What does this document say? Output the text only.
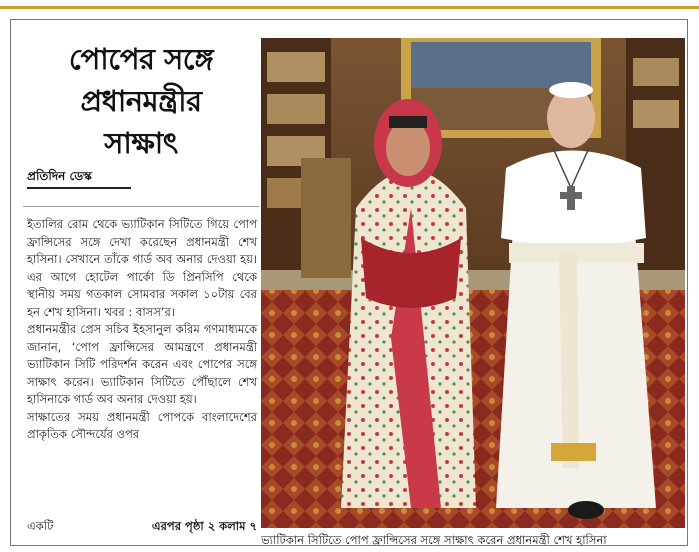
পোপের সঙ্গে
প্রধানমন্ত্রীর
সাক্ষাৎ
প্রতিদিন ডেস্ক

ইতালির রোম থেকে ভ্যাটিকান সিটিতে গিয়ে পোপ ফ্রান্সিসের সঙ্গে দেখা করেছেন প্রধানমন্ত্রী শেখ হাসিনা। সেখানে তাঁকে গার্ড অব অনার দেওয়া হয়। এর আগে হোটেল পার্কো ডি প্রিনসিপি থেকে স্থানীয় সময় গতকাল সোমবার সকাল ১০টায় বের হন শেখ হাসিনা। খবর : বাসস’র।

প্রধানমন্ত্রীর প্রেস সচিব ইহসানুল করিম গণমাধ্যমকে জানান, ‘পোপ ফ্রান্সিসের আমন্ত্রণে প্রধানমন্ত্রী ভ্যাটিকান সিটি পরিদর্শন করেন এবং পোপের সঙ্গে সাক্ষাৎ করেন। ভ্যাটিকান সিটিতে পৌঁছালে শেখ হাসিনাকে গার্ড অব অনার দেওয়া হয়।

সাক্ষাতের সময় প্রধানমন্ত্রী পোপকে বাংলাদেশের প্রাকৃতিক সৌন্দর্যের ওপর

একটি	এরপর পৃষ্ঠা ২ কলাম ৭
ভ্যাটিকান সিটিতে পোপ ফ্রান্সিসের সঙ্গে সাক্ষাৎ করেন প্রধানমন্ত্রী শেখ হাসিনা
